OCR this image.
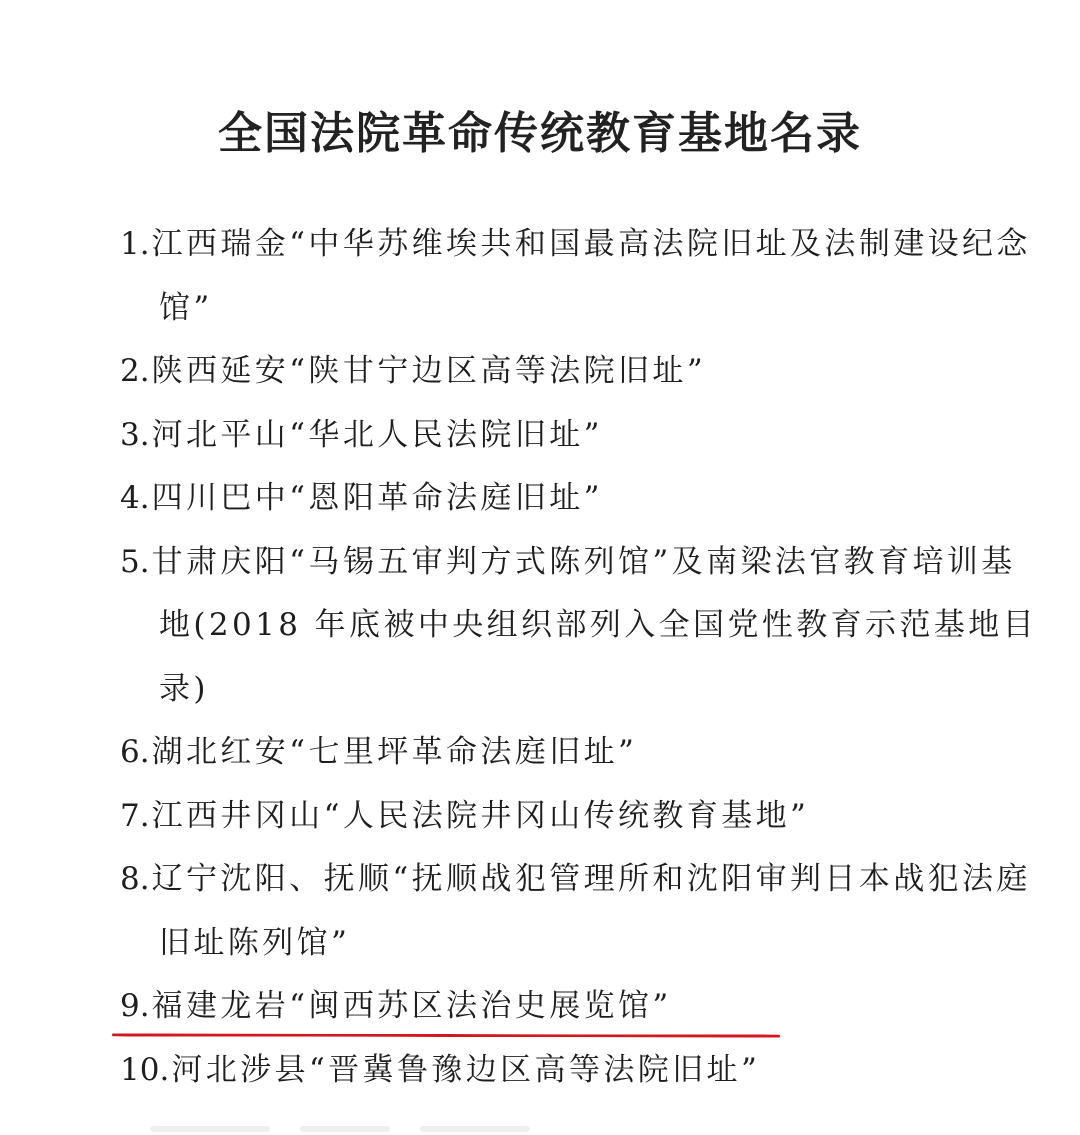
全国法院革命传统教育基地名录
1.江西瑞金“中华苏维埃共和国最高法院旧址及法制建设纪念馆”
2.陕西延安“陕甘宁边区高等法院旧址”
3.河北平山“华北人民法院旧址”
4.四川巴中“恩阳革命法庭旧址”
5.甘肃庆阳“马锡五审判方式陈列馆”及南梁法官教育培训基地(2018 年底被中央组织部列入全国党性教育示范基地目录)
6.湖北红安“七里坪革命法庭旧址”
7.江西井冈山“人民法院井冈山传统教育基地”
8.辽宁沈阳、抚顺“抚顺战犯管理所和沈阳审判日本战犯法庭旧址陈列馆”
9.福建龙岩“闽西苏区法治史展览馆”
10.河北涉县“晋冀鲁豫边区高等法院旧址”
